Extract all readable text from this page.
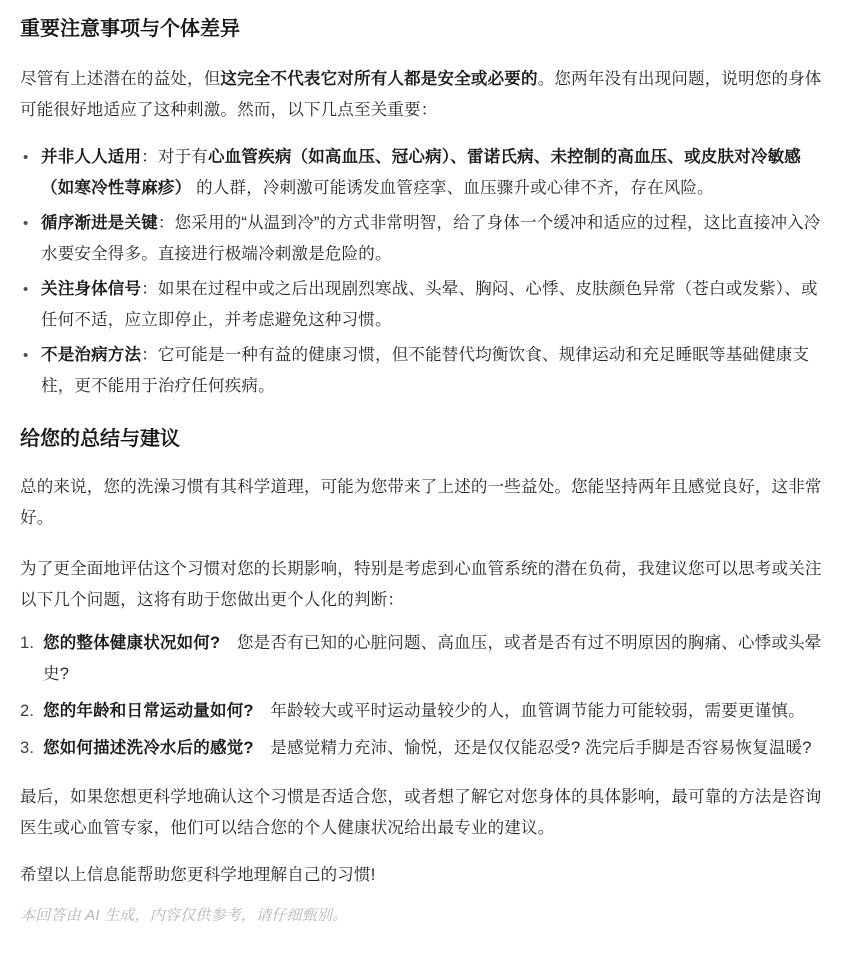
重要注意事项与个体差异

尽管有上述潜在的益处，但这完全不代表它对所有人都是安全或必要的。您两年没有出现问题，说明您的身体可能很好地适应了这种刺激。然而，以下几点至关重要：

• 并非人人适用：对于有心血管疾病（如高血压、冠心病）、雷诺氏病、未控制的高血压、或皮肤对冷敏感（如寒冷性荨麻疹） 的人群，冷刺激可能诱发血管痉挛、血压骤升或心律不齐，存在风险。
• 循序渐进是关键：您采用的“从温到冷”的方式非常明智，给了身体一个缓冲和适应的过程，这比直接冲入冷水要安全得多。直接进行极端冷刺激是危险的。
• 关注身体信号：如果在过程中或之后出现剧烈寒战、头晕、胸闷、心悸、皮肤颜色异常（苍白或发紫）、或任何不适，应立即停止，并考虑避免这种习惯。
• 不是治病方法：它可能是一种有益的健康习惯，但不能替代均衡饮食、规律运动和充足睡眠等基础健康支柱，更不能用于治疗任何疾病。
给您的总结与建议

总的来说，您的洗澡习惯有其科学道理，可能为您带来了上述的一些益处。您能坚持两年且感觉良好，这非常好。

为了更全面地评估这个习惯对您的长期影响，特别是考虑到心血管系统的潜在负荷，我建议您可以思考或关注以下几个问题，这将有助于您做出更个人化的判断：

您的整体健康状况如何?　您是否有已知的心脏问题、高血压，或者是否有过不明原因的胸痛、心悸或头晕史?
您的年龄和日常运动量如何?　年龄较大或平时运动量较少的人，血管调节能力可能较弱，需要更谨慎。
您如何描述洗冷水后的感觉?　是感觉精力充沛、愉悦，还是仅仅能忍受? 洗完后手脚是否容易恢复温暖?

最后，如果您想更科学地确认这个习惯是否适合您，或者想了解它对您身体的具体影响，最可靠的方法是咨询医生或心血管专家，他们可以结合您的个人健康状况给出最专业的建议。

希望以上信息能帮助您更科学地理解自己的习惯!

本回答由 AI 生成，内容仅供参考，请仔细甄别。
